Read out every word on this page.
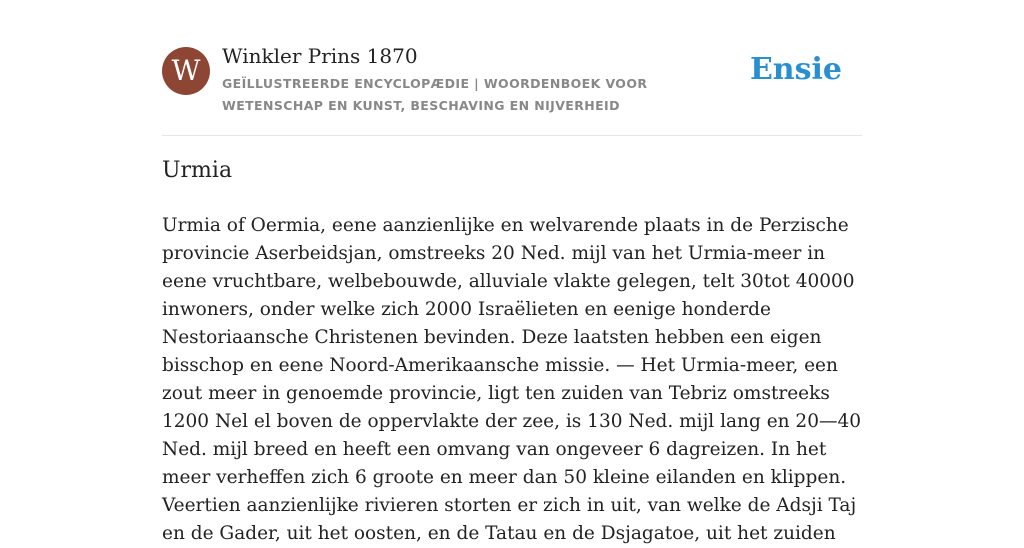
W	Winkler Prins 1870
GEÏLLUSTREERDE ENCYCLOPÆDIE | WOORDENBOEK VOOR WETENSCHAP EN KUNST, BESCHAVING EN NIJVERHEID
Ensie
Urmia

Urmia of Oermia, eene aanzienlijke en welvarende plaats in de Perzische provincie Aserbeidsjan, omstreeks 20 Ned. mijl van het Urmia-meer in eene vruchtbare, welbebouwde, alluviale vlakte gelegen, telt 30tot 40000 inwoners, onder welke zich 2000 Israëlieten en eenige honderde Nestoriaansche Christenen bevinden. Deze laatsten hebben een eigen bisschop en eene Noord-Amerikaansche missie. — Het Urmia-meer, een zout meer in genoemde provincie, ligt ten zuiden van Tebriz omstreeks 1200 Nel el boven de oppervlakte der zee, is 130 Ned. mijl lang en 20—40 Ned. mijl breed en heeft een omvang van ongeveer 6 dagreizen. In het meer verheffen zich 6 groote en meer dan 50 kleine eilanden en klippen. Veertien aanzienlijke rivieren storten er zich in uit, van welke de Adsji Taj en de Gader, uit het oosten, en de Tatau en de Dsjagatoe, uit het zuiden
